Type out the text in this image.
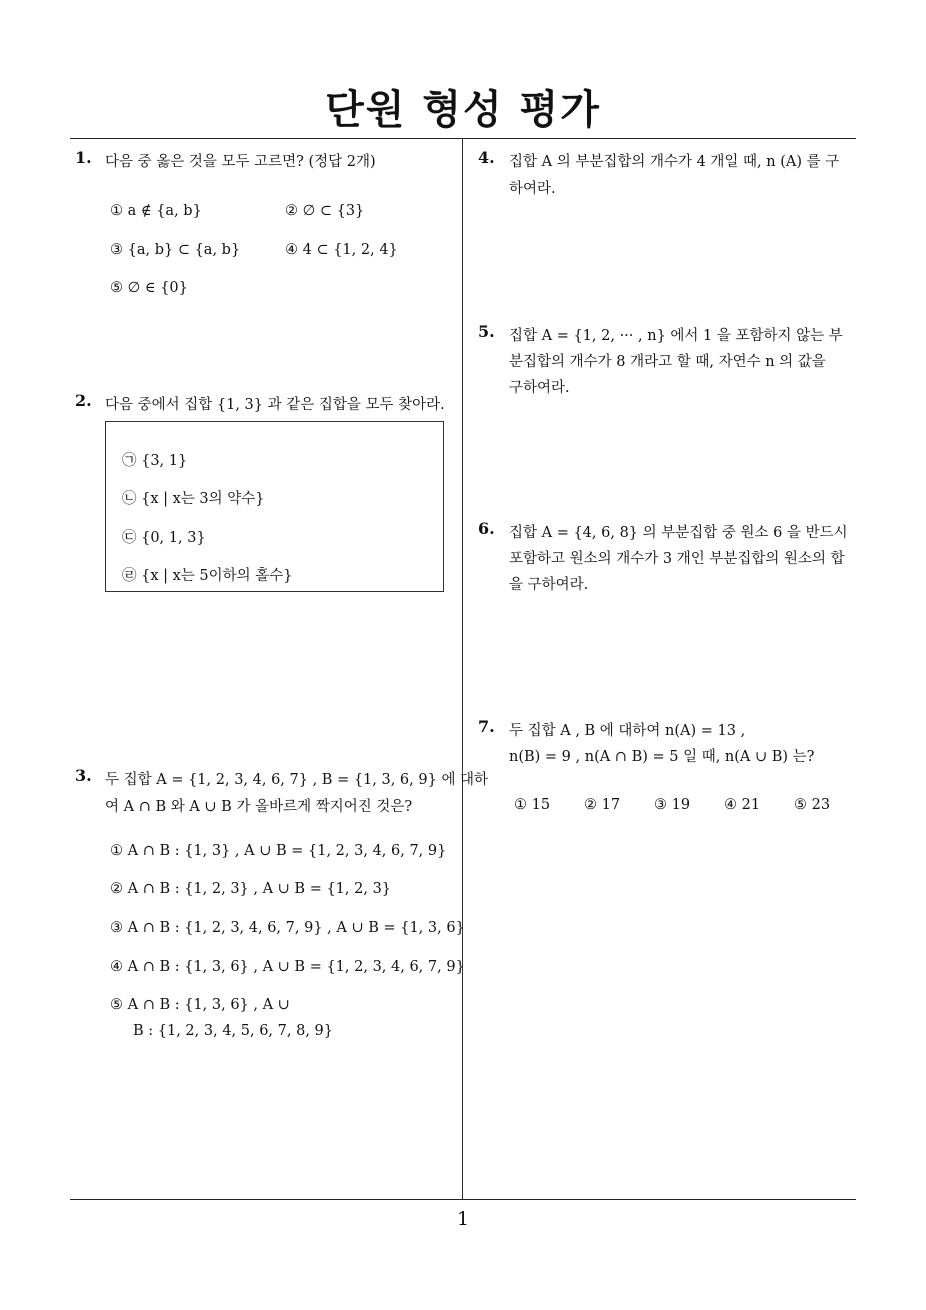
단원 형성 평가
1
1. 다음 중 옳은 것을 모두 고르면? (정답 2개)
① a ∉ {a, b}	② ∅ ⊂ {3}
③ {a, b} ⊂ {a, b}	④ 4 ⊂ {1, 2, 4}
⑤ ∅ ∈ {0}
2. 다음 중에서 집합 {1, 3} 과 같은 집합을 모두 찾아라.
㉠ {3, 1}
㉡ {x | x는 3의 약수}
㉢ {0, 1, 3}
㉣ {x | x는 5이하의 홀수}
3. 두 집합 A = {1, 2, 3, 4, 6, 7} , B = {1, 3, 6, 9} 에 대하
여 A ∩ B 와 A ∪ B 가 올바르게 짝지어진 것은?
① A ∩ B : {1, 3} , A ∪ B = {1, 2, 3, 4, 6, 7, 9}
② A ∩ B : {1, 2, 3} , A ∪ B = {1, 2, 3}
③ A ∩ B : {1, 2, 3, 4, 6, 7, 9} , A ∪ B = {1, 3, 6}
④ A ∩ B : {1, 3, 6} , A ∪ B = {1, 2, 3, 4, 6, 7, 9}
⑤ A ∩ B : {1, 3, 6} , A ∪
B : {1, 2, 3, 4, 5, 6, 7, 8, 9}
4. 집합 A 의 부분집합의 개수가 4 개일 때, n (A) 를 구
하여라.
5. 집합 A = {1, 2, ··· , n} 에서 1 을 포함하지 않는 부
분집합의 개수가 8 개라고 할 때, 자연수 n 의 값을
구하여라.
6. 집합 A = {4, 6, 8} 의 부분집합 중 원소 6 을 반드시
포함하고 원소의 개수가 3 개인 부분집합의 원소의 합
을 구하여라.
7. 두 집합 A , B 에 대하여 n(A) = 13 ,
n(B) = 9 , n(A ∩ B) = 5 일 때, n(A ∪ B) 는?
① 15 ② 17 ③ 19 ④ 21 ⑤ 23
